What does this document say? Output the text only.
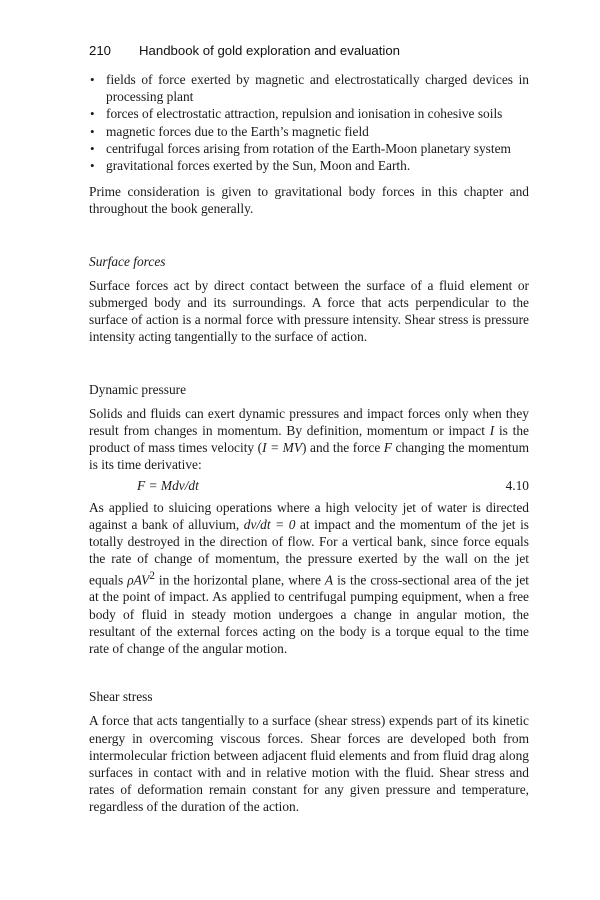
210	Handbook of gold exploration and evaluation
• fields of force exerted by magnetic and electrostatically charged devices in processing plant
• forces of electrostatic attraction, repulsion and ionisation in cohesive soils
• magnetic forces due to the Earth’s magnetic field
• centrifugal forces arising from rotation of the Earth-Moon planetary system
• gravitational forces exerted by the Sun, Moon and Earth.

Prime consideration is given to gravitational body forces in this chapter and throughout the book generally.

Surface forces

Surface forces act by direct contact between the surface of a fluid element or submerged body and its surroundings. A force that acts perpendicular to the surface of action is a normal force with pressure intensity. Shear stress is pressure intensity acting tangentially to the surface of action.

Dynamic pressure

Solids and fluids can exert dynamic pressures and impact forces only when they result from changes in momentum. By definition, momentum or impact I is the product of mass times velocity (I = MV) and the force F changing the momentum is its time derivative:

F = Mdv/dt	4.10

As applied to sluicing operations where a high velocity jet of water is directed against a bank of alluvium, dv/dt = 0 at impact and the momentum of the jet is totally destroyed in the direction of flow. For a vertical bank, since force equals the rate of change of momentum, the pressure exerted by the wall on the jet equals ρAV$^2$ in the horizontal plane, where A is the cross-sectional area of the jet at the point of impact. As applied to centrifugal pumping equipment, when a free body of fluid in steady motion undergoes a change in angular motion, the resultant of the external forces acting on the body is a torque equal to the time rate of change of the angular motion.

Shear stress

A force that acts tangentially to a surface (shear stress) expends part of its kinetic energy in overcoming viscous forces. Shear forces are developed both from intermolecular friction between adjacent fluid elements and from fluid drag along surfaces in contact with and in relative motion with the fluid. Shear stress and rates of deformation remain constant for any given pressure and temperature, regardless of the duration of the action.
